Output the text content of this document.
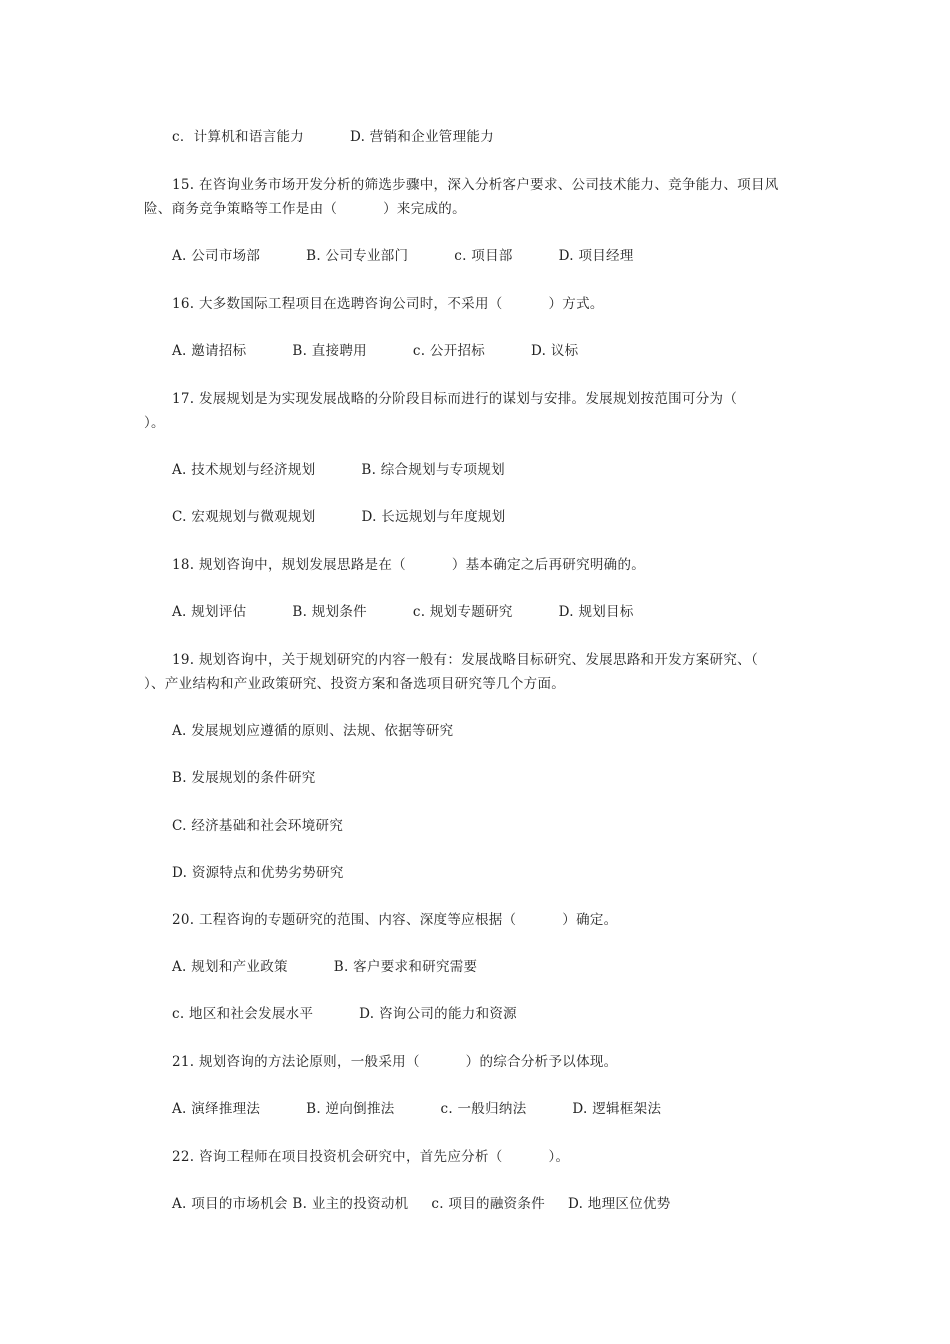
c．计算机和语言能力          D. 营销和企业管理能力
15. 在咨询业务市场开发分析的筛选步骤中，深入分析客户要求、公司技术能力、竞争能力、项目风
险、商务竞争策略等工作是由（          ）来完成的。
A. 公司市场部          B. 公司专业部门          c. 项目部          D. 项目经理
16. 大多数国际工程项目在选聘咨询公司时，不采用（          ）方式。
A. 邀请招标          B. 直接聘用          c. 公开招标          D. 议标
17. 发展规划是为实现发展战略的分阶段目标而进行的谋划与安排。发展规划按范围可分为（
）。
A. 技术规划与经济规划          B. 综合规划与专项规划
C. 宏观规划与微观规划          D. 长远规划与年度规划
18. 规划咨询中，规划发展思路是在（          ）基本确定之后再研究明确的。
A. 规划评估          B. 规划条件          c. 规划专题研究          D. 规划目标
19. 规划咨询中，关于规划研究的内容一般有：发展战略目标研究、发展思路和开发方案研究、（
）、产业结构和产业政策研究、投资方案和备选项目研究等几个方面。
A. 发展规划应遵循的原则、法规、依据等研究
B. 发展规划的条件研究
C. 经济基础和社会环境研究
D. 资源特点和优势劣势研究
20. 工程咨询的专题研究的范围、内容、深度等应根据（          ）确定。
A. 规划和产业政策          B. 客户要求和研究需要
c. 地区和社会发展水平          D. 咨询公司的能力和资源
21. 规划咨询的方法论原则，一般采用（          ）的综合分析予以体现。
A. 演绎推理法          B. 逆向倒推法          c. 一般归纳法          D. 逻辑框架法
22. 咨询工程师在项目投资机会研究中，首先应分析（          ）。
A. 项目的市场机会 B. 业主的投资动机     c. 项目的融资条件     D. 地理区位优势
